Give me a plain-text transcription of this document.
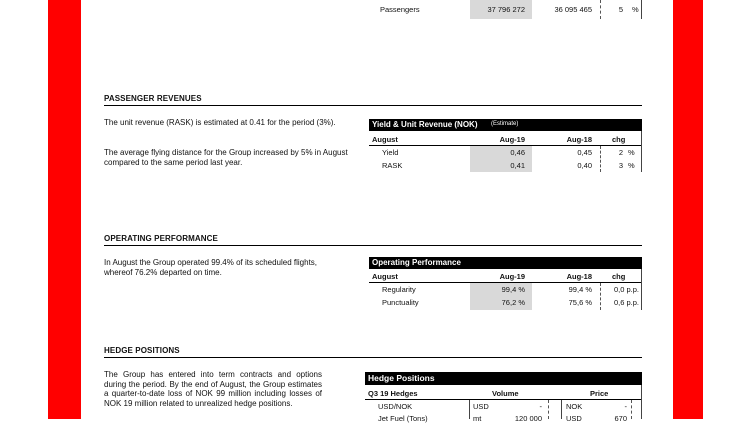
Passengers	37 796 272	36 095 465	5 %
PASSENGER REVENUES
The unit revenue (RASK) is estimated at 0.41 for the period (3%).
The average flying distance for the Group increased by 5% in August compared to the same period last year.
Yield & Unit Revenue (NOK) (Estimate)
August	Aug-19	Aug-18	chg
Yield	0,46	0,45	2 %
RASK	0,41	0,40	3 %
OPERATING PERFORMANCE
In August the Group operated 99.4% of its scheduled flights, whereof 76.2% departed on time.
Operating Performance
August	Aug-19	Aug-18	chg
Regularity	99,4 %	99,4 %	0,0 p.p.
Punctuality	76,2 %	75,6 %	0,6 p.p.
HEDGE POSITIONS
The Group has entered into term contracts and options during the period. By the end of August, the Group estimates a quarter-to-date loss of NOK 99 million including losses of NOK 19 million related to unrealized hedge positions.
Hedge Positions
Q3 19 Hedges	Volume	Price
USD/NOK	USD	-	NOK	-
Jet Fuel (Tons)	mt	120 000	USD	670
